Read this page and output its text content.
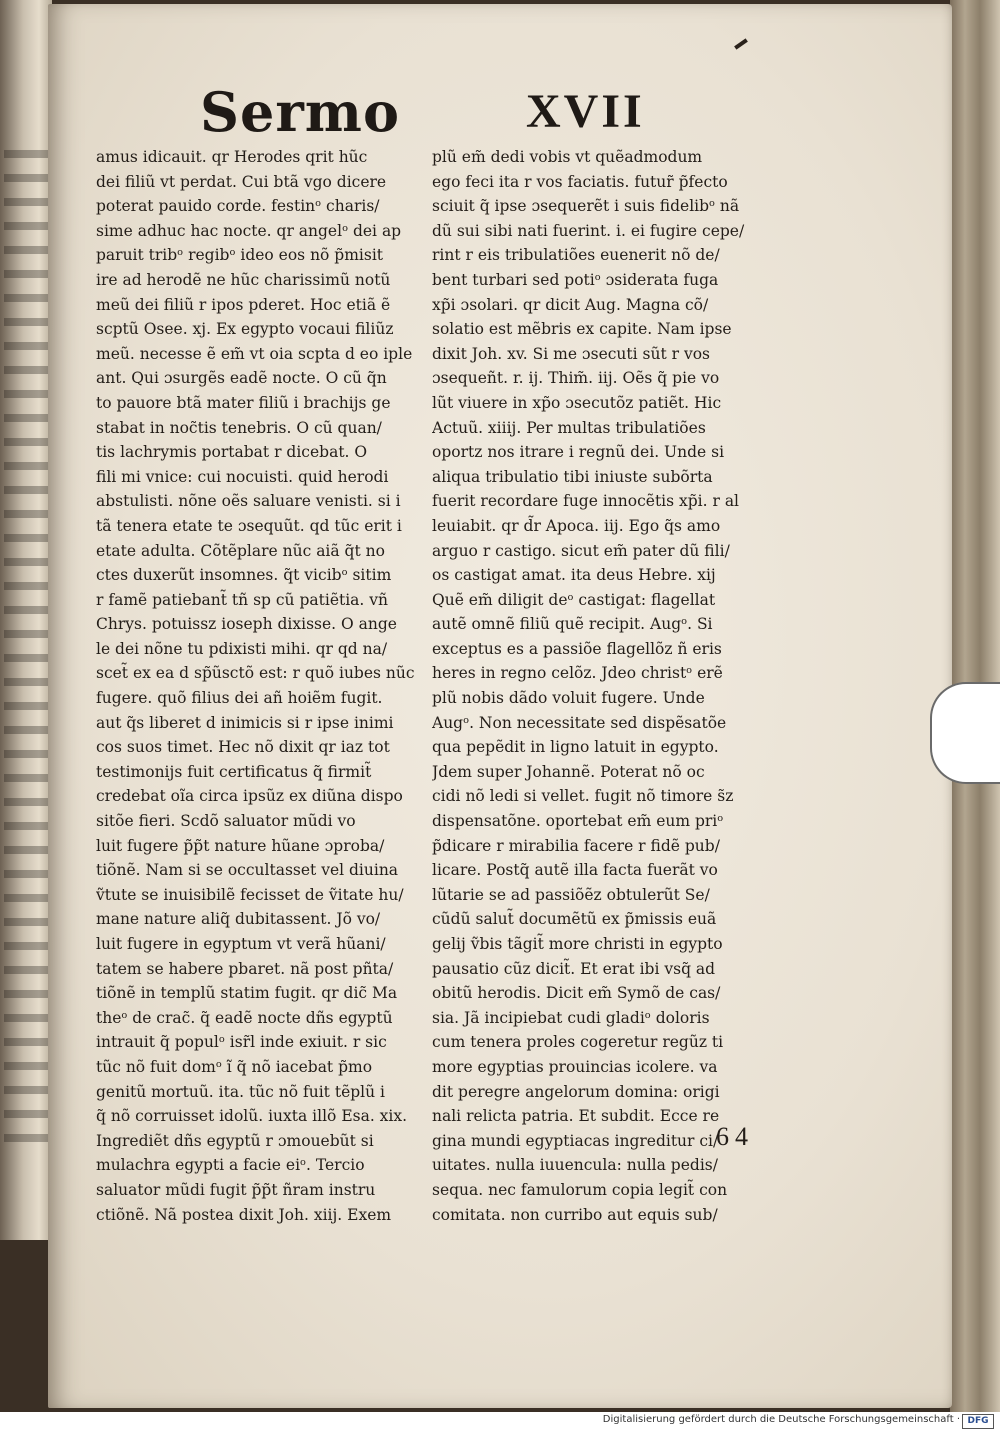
Sermo	XVII
amus idicauit. qr Herodes qrit hũc
dei filiũ vt perdat. Cui btã vgo dicere
poterat pauido corde. festinᵒ charis/
sime adhuc hac nocte. qr angelᵒ dei ap
paruit tribᵒ regibᵒ ideo eos nõ p̃misit
ire ad herodẽ ne hũc charissimũ notũ
meũ dei filiũ r ipos pderet. Hoc etiã ẽ
scptũ Osee. xj. Ex egypto vocaui filiũz
meũ. necesse ẽ em̃ vt oia scpta d eo iple
ant. Qui ɔsurgẽs eadẽ nocte. O cũ q̃n
to pauore btã mater filiũ i brachijs ge
stabat in noc̃tis tenebris. O cũ quan/
tis lachrymis portabat r dicebat. O
fili mi vnice: cui nocuisti. quid herodi
abstulisti. nõne oẽs saluare venisti. si i
tã tenera etate te ɔsequũt. qd tũc erit i
etate adulta. Cõtẽplare nũc aiã q̃t no
ctes duxerũt insomnes. q̃t vicibᵒ sitim
r famẽ patiebant̃ tñ sp cũ patiẽtia. vñ
Chrys. potuissz ioseph dixisse. O ange
le dei nõne tu pdixisti mihi. qr qd na/
scet̃ ex ea d sp̃ũsctõ est: r quõ iubes nũc
fugere. quõ filius dei añ hoiẽm fugit.
aut q̃s liberet d inimicis si r ipse inimi
cos suos timet. Hec nõ dixit qr iaz tot
testimonijs fuit certificatus q̃ firmit̃
credebat oĩa circa ipsũz ex diũna dispo
sitõe fieri. Scdõ saluator mũdi vo
luit fugere p̃p̃t nature hũane ɔproba/
tiõnẽ. Nam si se occultasset vel diuina
ṽtute se inuisibilẽ fecisset de ṽitate hu/
mane nature aliq̃ dubitassent. Jõ vo/
luit fugere in egyptum vt verã hũani/
tatem se habere pbaret. nã post pñta/
tiõnẽ in templũ statim fugit. qr dic̃ Ma
theᵒ de crac̃. q̃ eadẽ nocte dñs egyptũ
intrauit q̃ populᵒ isr̃l inde exiuit. r sic
tũc nõ fuit domᵒ ĩ q̃ nõ iacebat p̃mo
genitũ mortuũ. ita. tũc nõ fuit tẽplũ i
q̃ nõ corruisset idolũ. iuxta illõ Esa. xix.
Ingrediẽt dñs egyptũ r ɔmouebũt si
mulachra egypti a facie eiᵒ. Tercio
saluator mũdi fugit p̃p̃t ñram instru
ctiõnẽ. Nã postea dixit Joh. xiij. Exem
plũ em̃ dedi vobis vt quẽadmodum
ego feci ita r vos faciatis. futur̃ p̃fecto
sciuit q̃ ipse ɔsequerẽt i suis fidelibᵒ nã
dũ sui sibi nati fuerint. i. ei fugire cepe/
rint r eis tribulatiões euenerit nõ de/
bent turbari sed potiᵒ ɔsiderata fuga
xp̃i ɔsolari. qr dicit Aug. Magna cõ/
solatio est mẽbris ex capite. Nam ipse
dixit Joh. xv. Si me ɔsecuti sũt r vos
ɔsequeñt. r. ij. Thim̃. iij. Oẽs q̃ pie vo
lũt viuere in xp̃o ɔsecutõz patiẽt. Hic
Actuũ. xiiij. Per multas tribulatiões
oportz nos itrare i regnũ dei. Unde si
aliqua tribulatio tibi iniuste subõrta
fuerit recordare fuge innocẽtis xp̃i. r al
leuiabit. qr d̃r Apoca. iij. Ego q̃s amo
arguo r castigo. sicut em̃ pater dũ fili/
os castigat amat. ita deus Hebre. xij
Quẽ em̃ diligit deᵒ castigat: flagellat
autẽ omnẽ filiũ quẽ recipit. Augᵒ. Si
exceptus es a passiõe flagellõz ñ eris
heres in regno celõz. Jdeo christᵒ erẽ
plũ nobis dãdo voluit fugere. Unde
Augᵒ. Non necessitate sed dispẽsatõe
qua pepẽdit in ligno latuit in egypto.
Jdem super Johannẽ. Poterat nõ oc
cidi nõ ledi si vellet. fugit nõ timore s̃z
dispensatõne. oportebat em̃ eum priᵒ
p̃dicare r mirabilia facere r fidẽ pub/
licare. Postq̃ autẽ illa facta fuerãt vo
lũtarie se ad passiõẽz obtulerũt Se/
cũdũ salut̃ documẽtũ ex p̃missis euã
gelij ṽbis tãgit̃ more christi in egypto
pausatio cũz dicit̃. Et erat ibi vsq̃ ad
obitũ herodis. Dicit em̃ Symõ de cas/
sia. Jã incipiebat cudi gladiᵒ doloris
cum tenera proles cogeretur regũz ti
more egyptias prouincias icolere. va
dit peregre angelorum domina: origi
nali relicta patria. Et subdit. Ecce re
gina mundi egyptiacas ingreditur ci/
uitates. nulla iuuencula: nulla pedis/
sequa. nec famulorum copia legit̃ con
comitata. non curribo aut equis sub/
64
Digitalisierung gefördert durch die Deutsche Forschungsgemeinschaft · DFG
